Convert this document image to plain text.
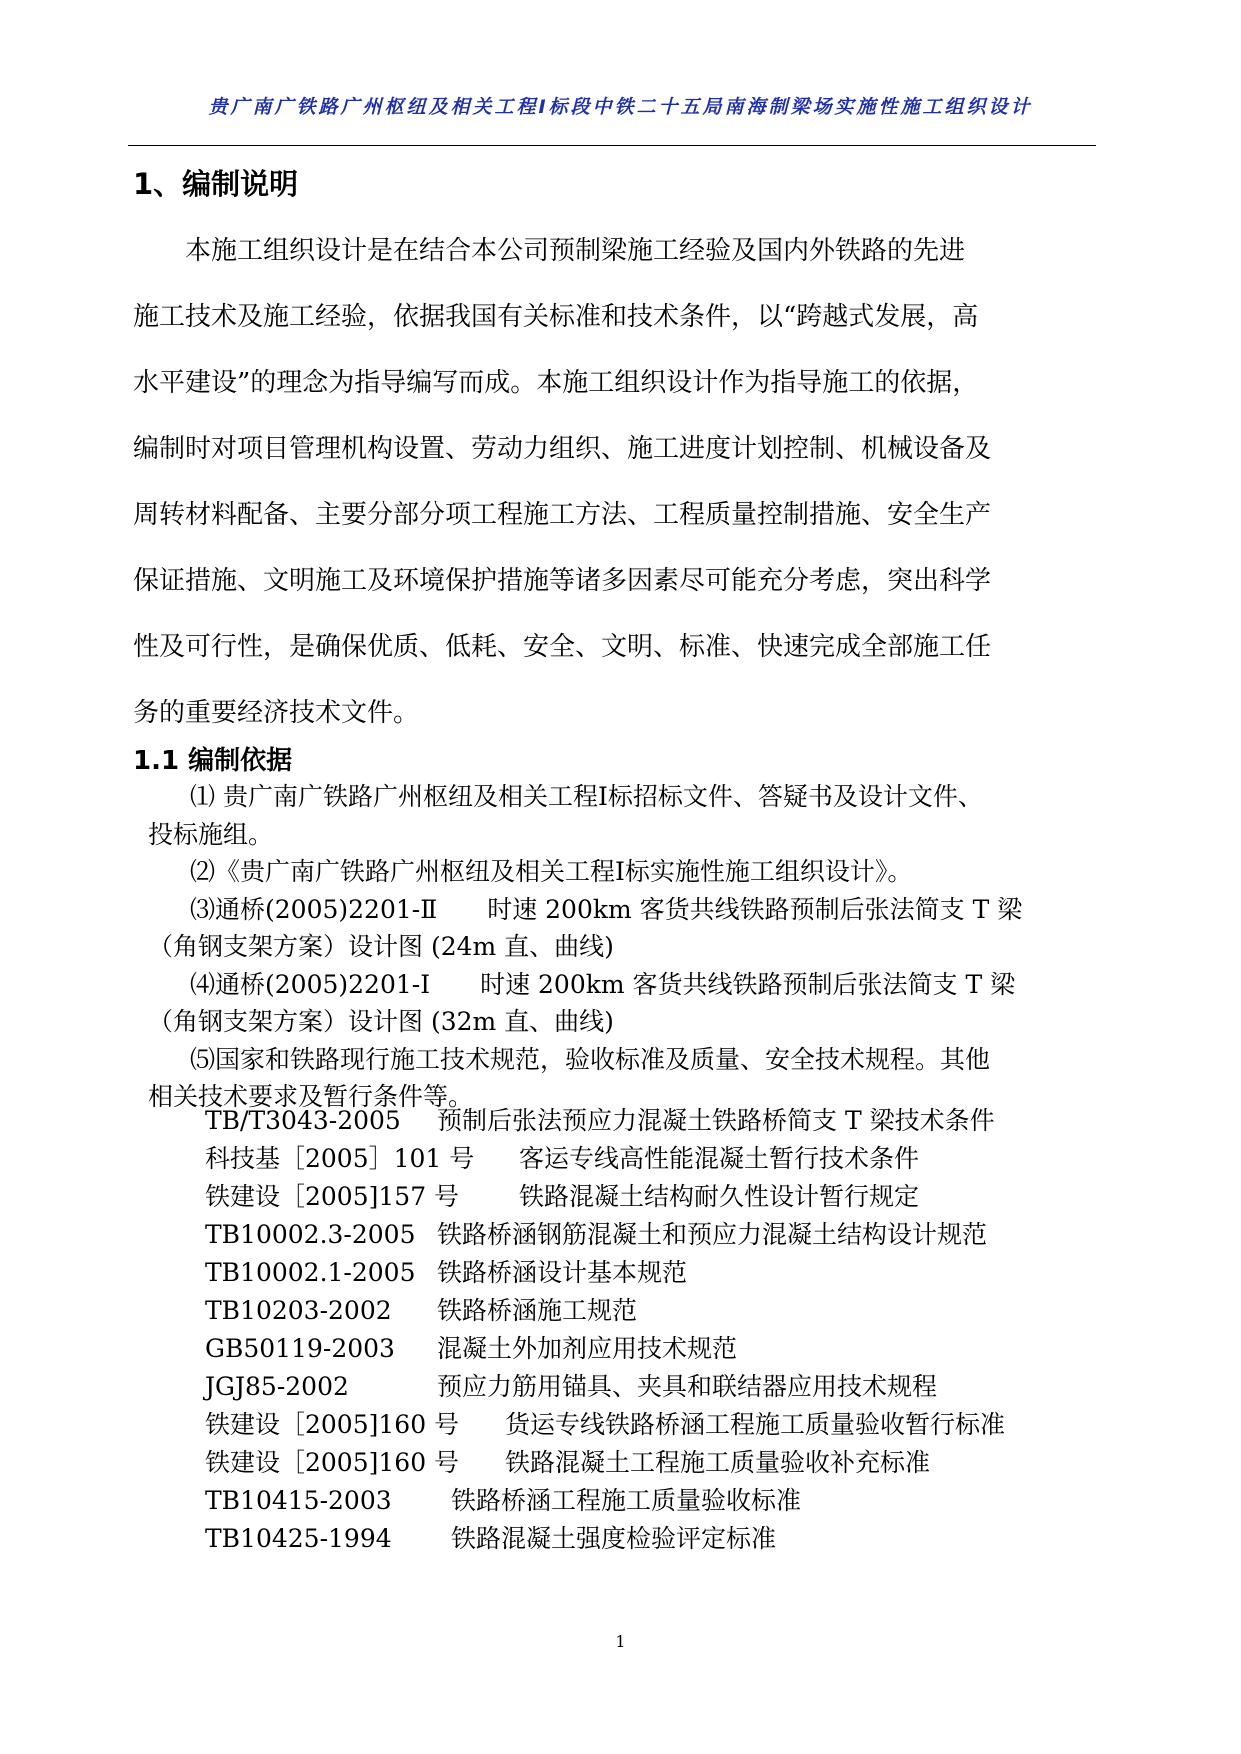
贵广南广铁路广州枢纽及相关工程Ⅰ标段中铁二十五局南海制梁场实施性施工组织设计
1、编制说明
　　本施工组织设计是在结合本公司预制梁施工经验及国内外铁路的先进
施工技术及施工经验，依据我国有关标准和技术条件，以“跨越式发展，高
水平建设”的理念为指导编写而成。本施工组织设计作为指导施工的依据，
编制时对项目管理机构设置、劳动力组织、施工进度计划控制、机械设备及
周转材料配备、主要分部分项工程施工方法、工程质量控制措施、安全生产
保证措施、文明施工及环境保护措施等诸多因素尽可能充分考虑，突出科学
性及可行性，是确保优质、低耗、安全、文明、标准、快速完成全部施工任
务的重要经济技术文件。
1.1 编制依据
⑴ 贵广南广铁路广州枢纽及相关工程Ⅰ标招标文件、答疑书及设计文件、
投标施组。
⑵《贵广南广铁路广州枢纽及相关工程Ⅰ标实施性施工组织设计》。
⑶通桥(2005)2201-Ⅱ　　时速 200km 客货共线铁路预制后张法简支 T 梁
（角钢支架方案）设计图 (24m 直、曲线)
⑷通桥(2005)2201-Ⅰ　　时速 200km 客货共线铁路预制后张法简支 T 梁
（角钢支架方案）设计图 (32m 直、曲线)
⑸国家和铁路现行施工技术规范，验收标准及质量、安全技术规程。其他
相关技术要求及暂行条件等。
TB/T3043-2005 预制后张法预应力混凝土铁路桥简支 T 梁技术条件
科技基［2005］101 号 客运专线高性能混凝土暂行技术条件
铁建设［2005]157 号 铁路混凝土结构耐久性设计暂行规定
TB10002.3-2005 铁路桥涵钢筋混凝土和预应力混凝土结构设计规范
TB10002.1-2005 铁路桥涵设计基本规范
TB10203-2002 铁路桥涵施工规范
GB50119-2003 混凝土外加剂应用技术规范
JGJ85-2002	预应力筋用锚具、夹具和联结器应用技术规程
铁建设［2005]160 号 货运专线铁路桥涵工程施工质量验收暂行标准
铁建设［2005]160 号 铁路混凝土工程施工质量验收补充标准
TB10415-2003 铁路桥涵工程施工质量验收标准
TB10425-1994 铁路混凝土强度检验评定标准
1
